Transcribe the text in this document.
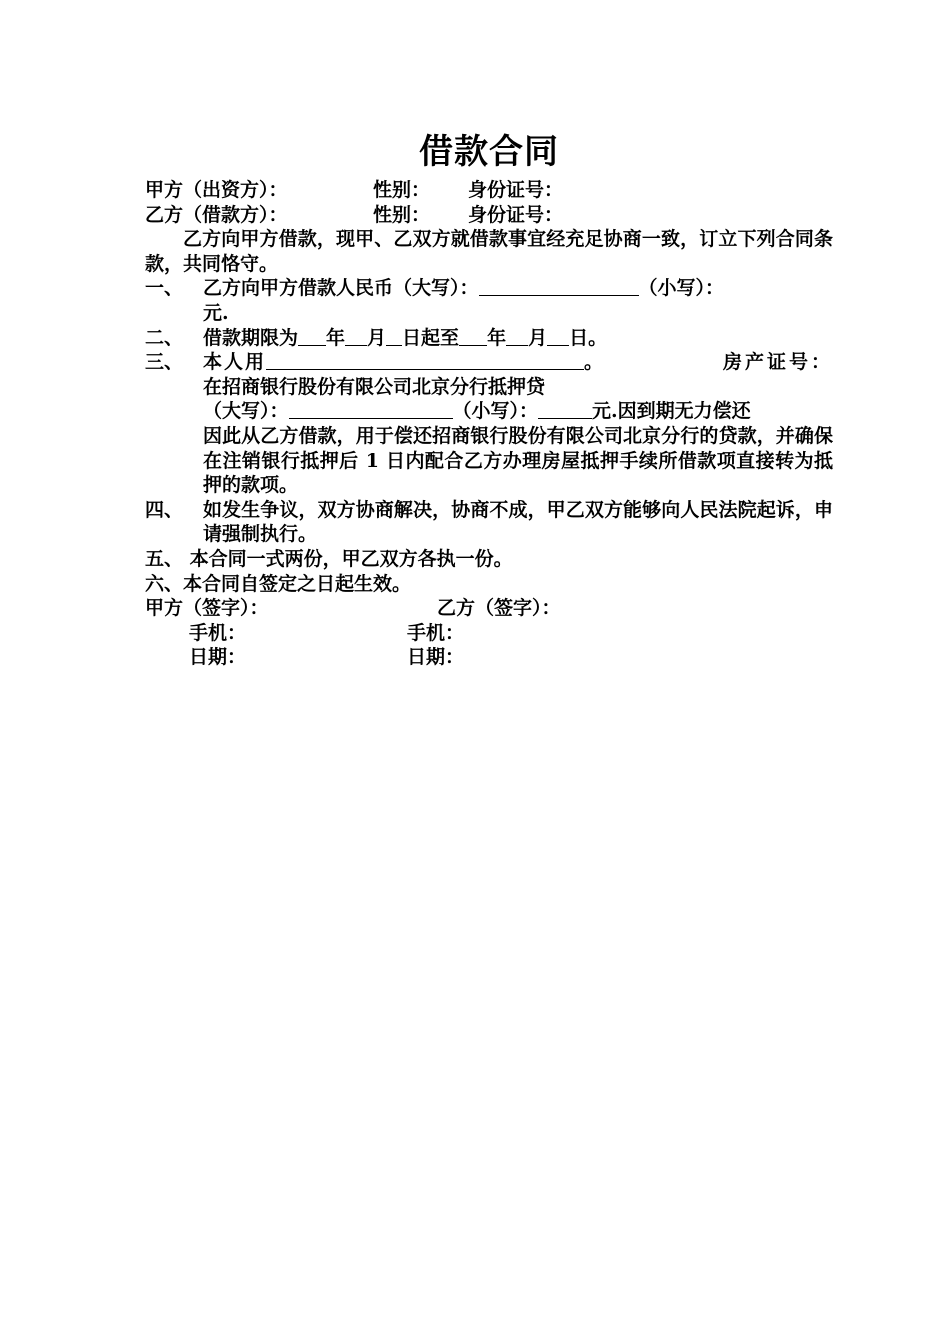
借款合同
甲方（出资方）：	性别： 身份证号：
乙方（借款方）：	性别： 身份证号：

乙方向甲方借款，现甲、乙双方就借款事宜经充足协商一致，订立下列合同条款，共同恪守。

一、	乙方向甲方借款人民币（大写）：	（小写）：
元.
二、	借款期限为 年 月 日起至 年 月 日。
三、	本人用	。	房产证号：
在招商银行股份有限公司北京分行抵押贷
（大写）：	（小写）：	元.因到期无力偿还
因此从乙方借款，用于偿还招商银行股份有限公司北京分行的贷款，并确保在注销银行抵押后 1 日内配合乙方办理房屋抵押手续所借款项直接转为抵押的款项。
四、	如发生争议，双方协商解决，协商不成，甲乙双方能够向人民法院起诉，申请强制执行。
五、 本合同一式两份，甲乙双方各执一份。
六、本合同自签定之日起生效。
甲方（签字）：	乙方（签字）：
手机：	手机：
日期：	日期：
